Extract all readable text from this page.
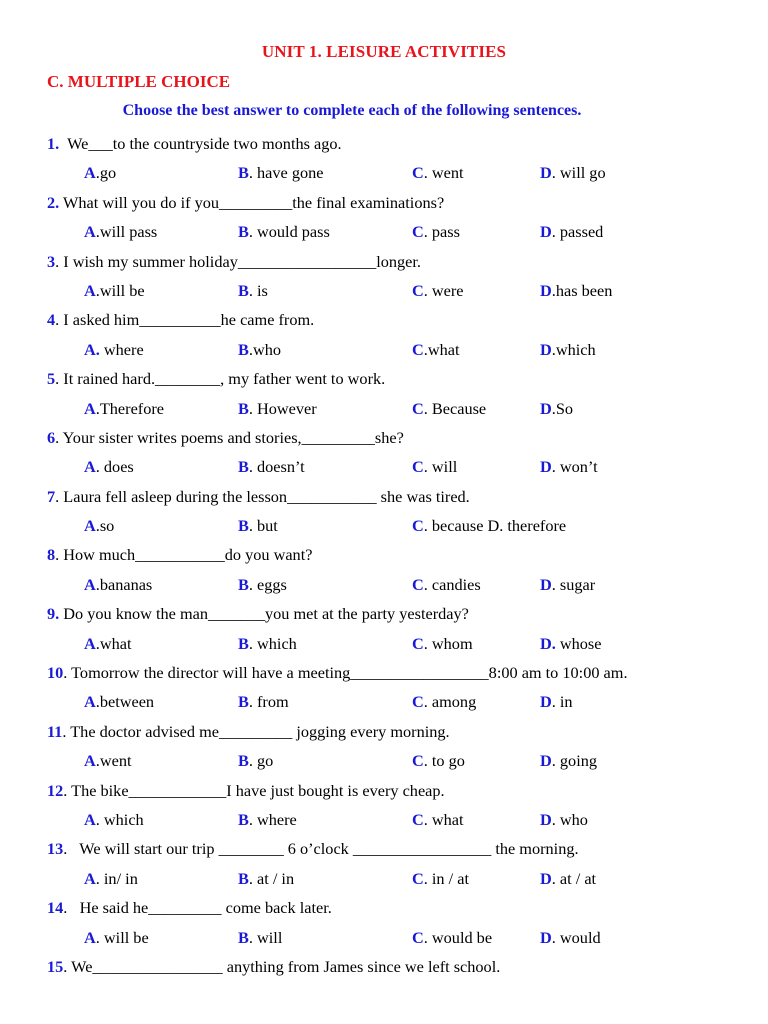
UNIT 1. LEISURE ACTIVITIES
C. MULTIPLE CHOICE
Choose the best answer to complete each of the following sentences.
1.  We___to the countryside two months ago.
A.go	B. have gone	C. went	D. will go
2. What will you do if you_________the final examinations?
A.will pass	B. would pass	C. pass	D. passed
3. I wish my summer holiday_________________longer.
A.will be	B. is	C. were	D.has been
4. I asked him__________he came from.
A. where	B.who	C.what	D.which
5. It rained hard.________, my father went to work.
A.Therefore	B. However	C. Because	D.So
6. Your sister writes poems and stories,_________she?
A. does	B. doesn’t	C. will	D. won’t
7. Laura fell asleep during the lesson___________ she was tired.
A.so	B. but	C. because D. therefore
8. How much___________do you want?
A.bananas	B. eggs	C. candies	D. sugar
9. Do you know the man_______you met at the party yesterday?
A.what	B. which	C. whom	D. whose
10. Tomorrow the director will have a meeting_________________8:00 am to 10:00 am.
A.between	B. from	C. among	D. in
11. The doctor advised me_________ jogging every morning.
A.went	B. go	C. to go	D. going
12. The bike____________I have just bought is every cheap.
A. which	B. where	C. what	D. who
13.   We will start our trip ________ 6 o’clock _________________ the morning.
A. in/ in	B. at / in	C. in / at	D. at / at
14.   He said he_________ come back later.
A. will be	B. will	C. would be	D. would
15. We________________ anything from James since we left school.
